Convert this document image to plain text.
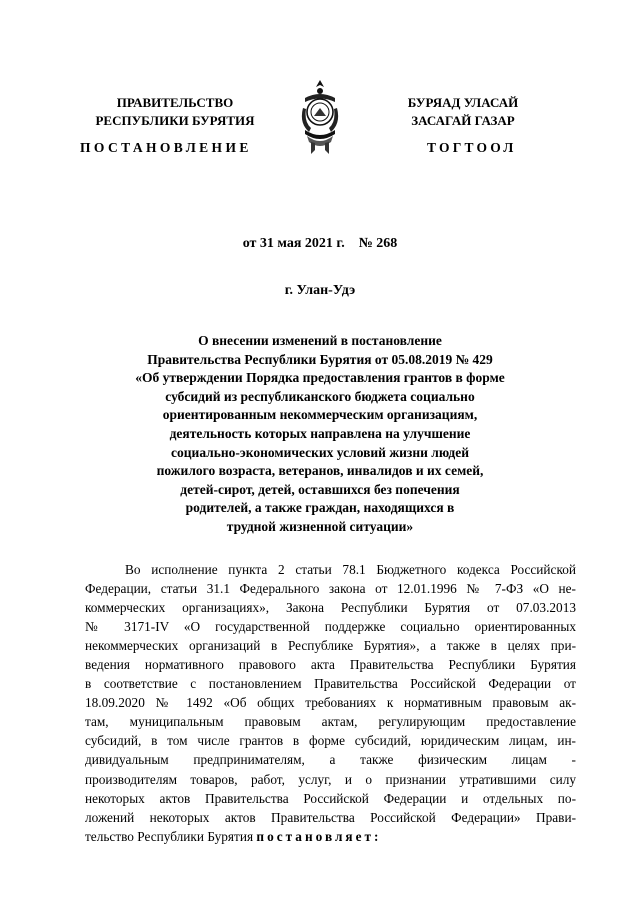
ПРАВИТЕЛЬСТВО
РЕСПУБЛИКИ БУРЯТИЯ
БУРЯАД УЛАСАЙ
ЗАСАГАЙ ГАЗАР
ПОСТАНОВЛЕНИЕ	ТОГТООЛ
от 31 мая 2021 г. № 268
г. Улан-Удэ
О внесении изменений в постановление
Правительства Республики Бурятия от 05.08.2019 № 429
«Об утверждении Порядка предоставления грантов в форме
субсидий из республиканского бюджета социально
ориентированным некоммерческим организациям,
деятельность которых направлена на улучшение
социально-экономических условий жизни людей
пожилого возраста, ветеранов, инвалидов и их семей,
детей-сирот, детей, оставшихся без попечения
родителей, а также граждан, находящихся в
трудной жизненной ситуации»
Во исполнение пункта 2 статьи 78.1 Бюджетного кодекса Российской
Федерации, статьи 31.1 Федерального закона от 12.01.1996 № 7-ФЗ «О не-
коммерческих организациях», Закона Республики Бурятия от 07.03.2013
№ 3171-IV «О государственной поддержке социально ориентированных
некоммерческих организаций в Республике Бурятия», а также в целях при-
ведения нормативного правового акта Правительства Республики Бурятия
в соответствие с постановлением Правительства Российской Федерации от
18.09.2020 № 1492 «Об общих требованиях к нормативным правовым ак-
там, муниципальным правовым актам, регулирующим предоставление
субсидий, в том числе грантов в форме субсидий, юридическим лицам, ин-
дивидуальным предпринимателям, а также физическим лицам -
производителям товаров, работ, услуг, и о признании утратившими силу
некоторых актов Правительства Российской Федерации и отдельных по-
ложений некоторых актов Правительства Российской Федерации» Прави-
тельство Республики Бурятия постановляет:
